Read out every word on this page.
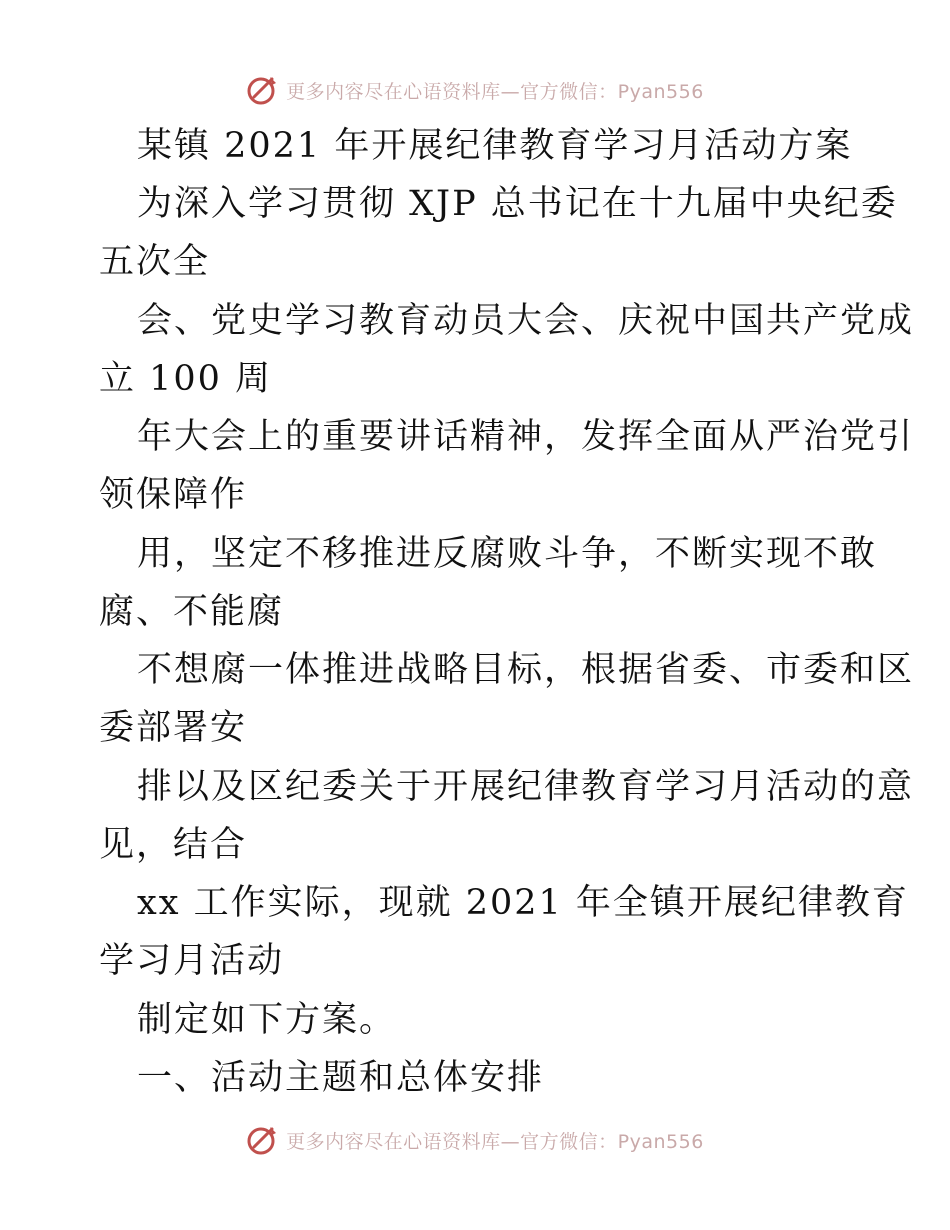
更多内容尽在心语资料库—官方微信：Pyan556
某镇 2021 年开展纪律教育学习月活动方案
为深入学习贯彻 XJP 总书记在十九届中央纪委
五次全
会、党史学习教育动员大会、庆祝中国共产党成
立 100 周
年大会上的重要讲话精神，发挥全面从严治党引
领保障作
用，坚定不移推进反腐败斗争，不断实现不敢
腐、不能腐
不想腐一体推进战略目标，根据省委、市委和区
委部署安
排以及区纪委关于开展纪律教育学习月活动的意
见，结合
xx 工作实际，现就 2021 年全镇开展纪律教育
学习月活动
制定如下方案。
一、活动主题和总体安排
更多内容尽在心语资料库—官方微信：Pyan556
